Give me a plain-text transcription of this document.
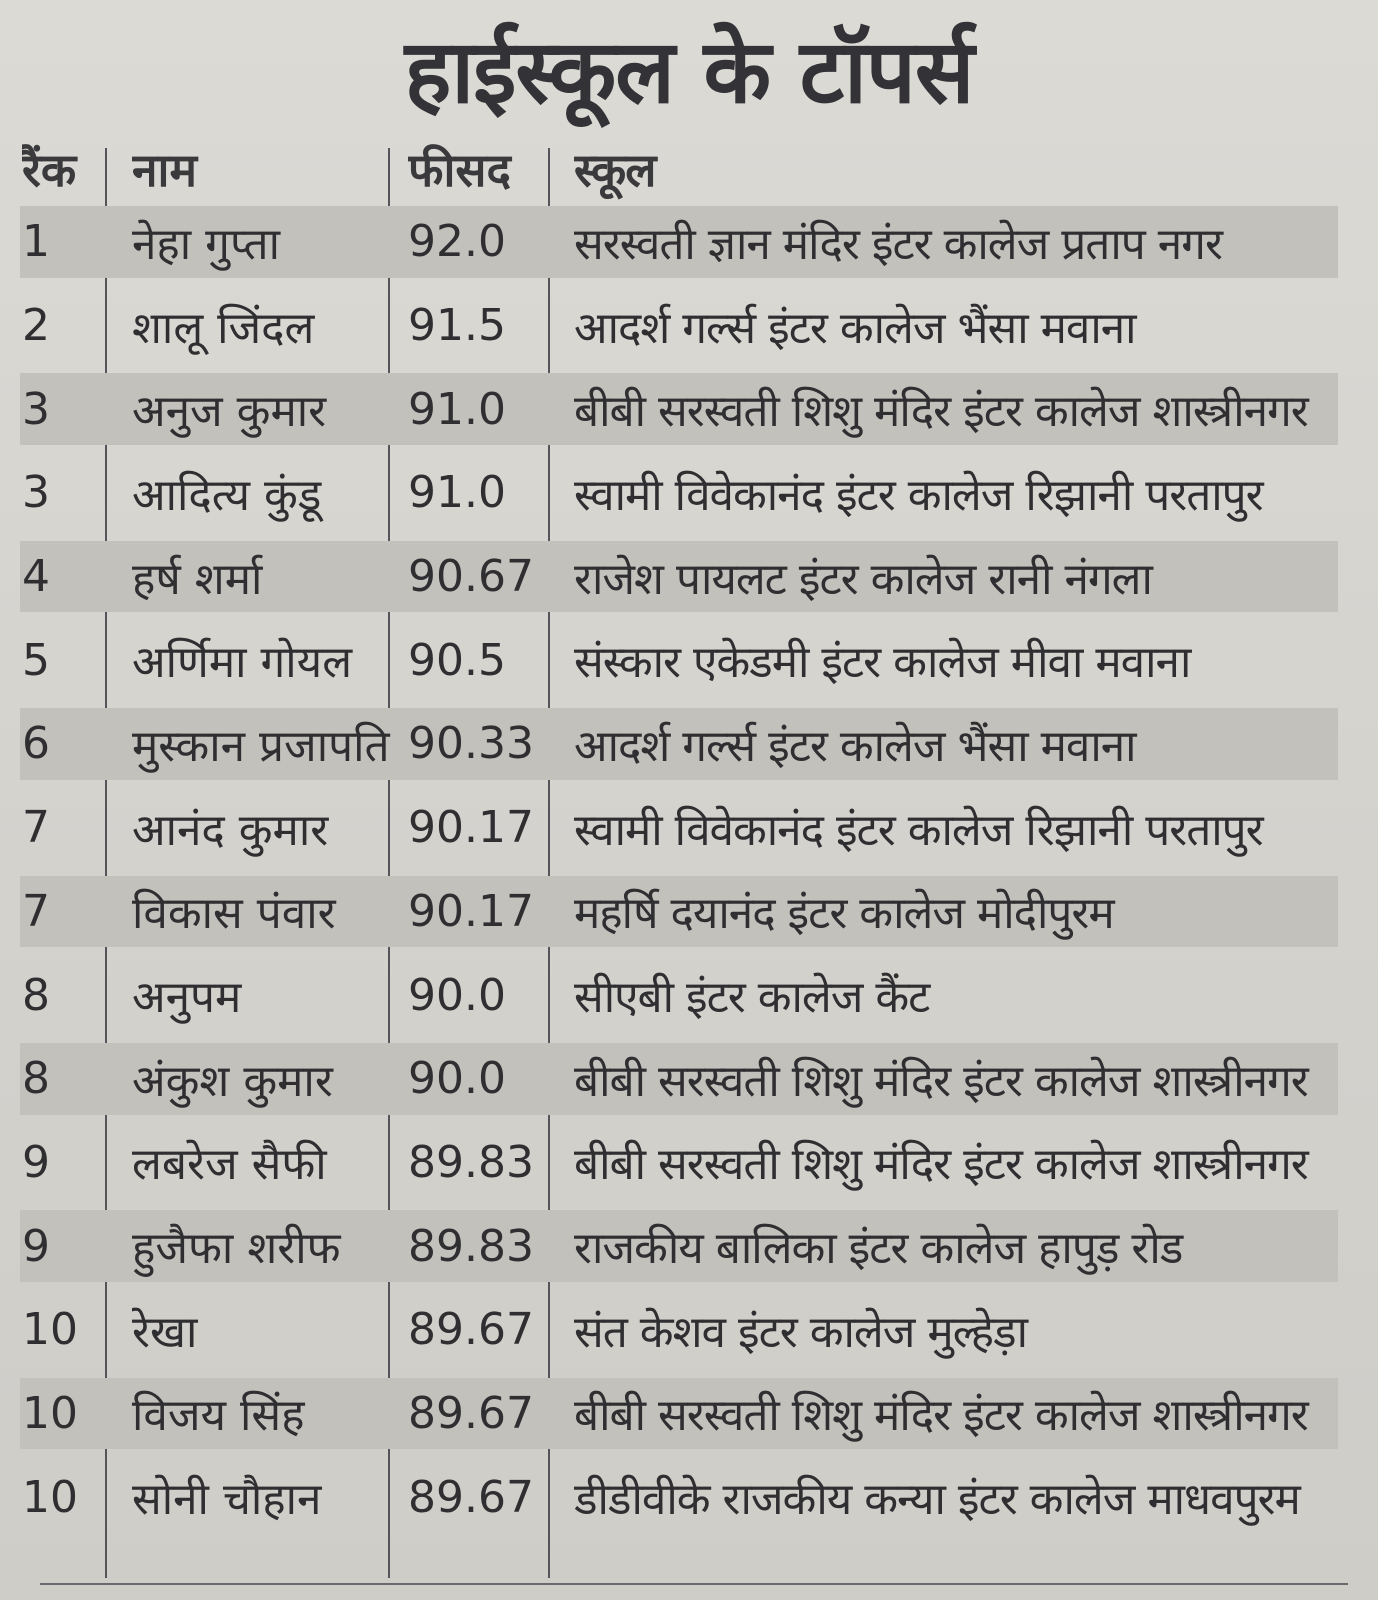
हाईस्कूल के टॉपर्स
रैंक	नाम	फीसद	स्कूल
1	नेहा गुप्ता	92.0	सरस्वती ज्ञान मंदिर इंटर कालेज प्रताप नगर
2	शालू जिंदल	91.5	आदर्श गर्ल्स इंटर कालेज भैंसा मवाना
3	अनुज कुमार	91.0	बीबी सरस्वती शिशु मंदिर इंटर कालेज शास्त्रीनगर
3	आदित्य कुंडू	91.0	स्वामी विवेकानंद इंटर कालेज रिझानी परतापुर
4	हर्ष शर्मा	90.67 राजेश पायलट इंटर कालेज रानी नंगला
5	अर्णिमा गोयल	90.5	संस्कार एकेडमी इंटर कालेज मीवा मवाना
6	मुस्कान प्रजापति 90.33 आदर्श गर्ल्स इंटर कालेज भैंसा मवाना
7	आनंद कुमार	90.17 स्वामी विवेकानंद इंटर कालेज रिझानी परतापुर
7	विकास पंवार	90.17 महर्षि दयानंद इंटर कालेज मोदीपुरम
8	अनुपम	90.0	सीएबी इंटर कालेज कैंट
8	अंकुश कुमार	90.0	बीबी सरस्वती शिशु मंदिर इंटर कालेज शास्त्रीनगर
9	लबरेज सैफी	89.83 बीबी सरस्वती शिशु मंदिर इंटर कालेज शास्त्रीनगर
9	हुजैफा शरीफ	89.83 राजकीय बालिका इंटर कालेज हापुड़ रोड
10	रेखा	89.67 संत केशव इंटर कालेज मुल्हेड़ा
10	विजय सिंह	89.67 बीबी सरस्वती शिशु मंदिर इंटर कालेज शास्त्रीनगर
10	सोनी चौहान	89.67 डीडीवीके राजकीय कन्या इंटर कालेज माधवपुरम
